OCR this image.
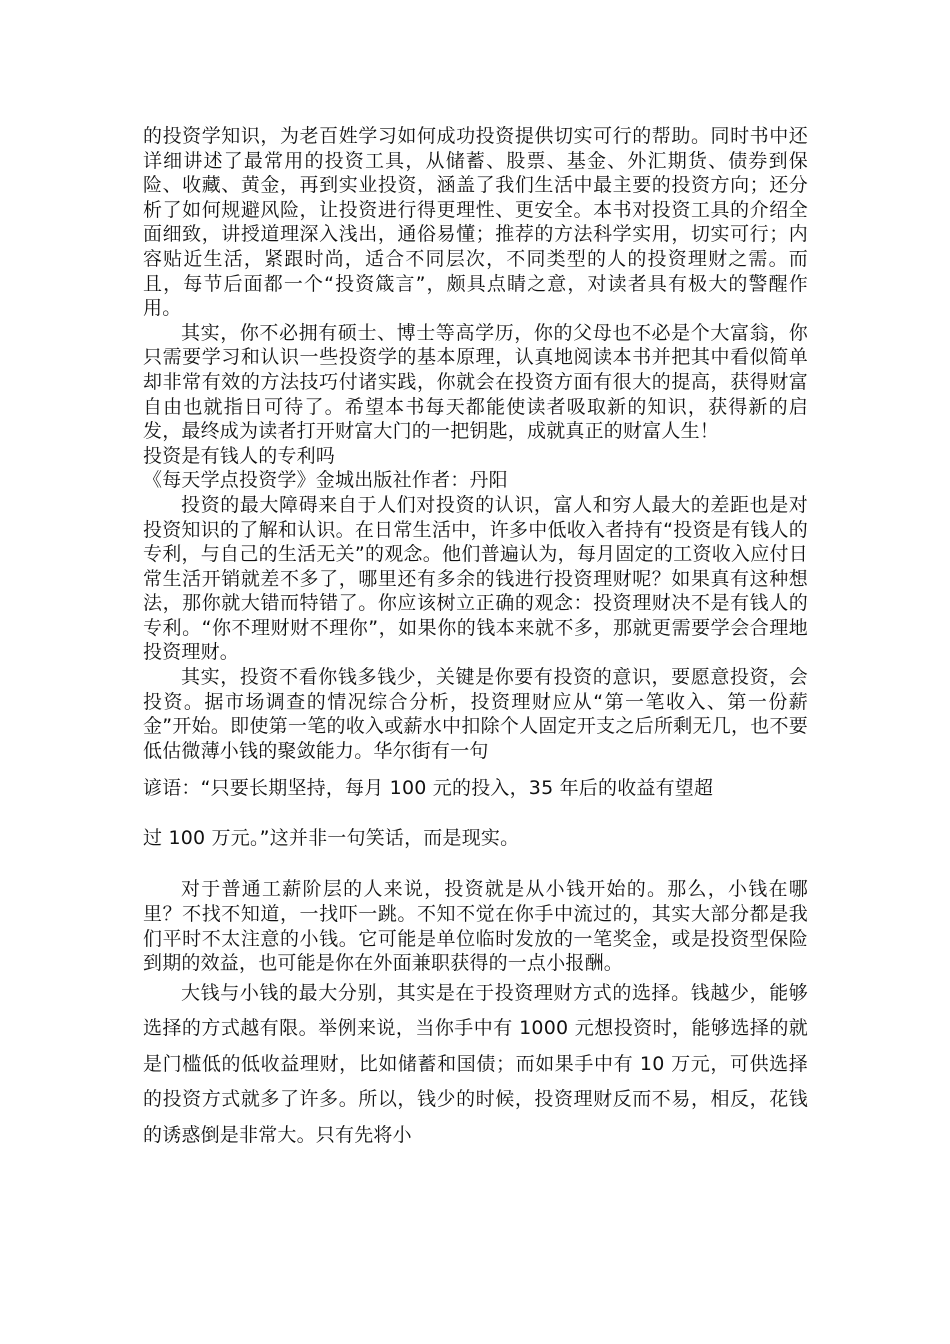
的投资学知识，为老百姓学习如何成功投资提供切实可行的帮助。同时书中还详细讲述了最常用的投资工具，从储蓄、股票、基金、外汇期货、债券到保险、收藏、黄金，再到实业投资，涵盖了我们生活中最主要的投资方向；还分析了如何规避风险，让投资进行得更理性、更安全。本书对投资工具的介绍全面细致，讲授道理深入浅出，通俗易懂；推荐的方法科学实用，切实可行；内容贴近生活，紧跟时尚，适合不同层次，不同类型的人的投资理财之需。而且，每节后面都一个“投资箴言”，颇具点睛之意，对读者具有极大的警醒作用。

其实，你不必拥有硕士、博士等高学历，你的父母也不必是个大富翁，你只需要学习和认识一些投资学的基本原理，认真地阅读本书并把其中看似简单却非常有效的方法技巧付诸实践，你就会在投资方面有很大的提高，获得财富自由也就指日可待了。希望本书每天都能使读者吸取新的知识，获得新的启发，最终成为读者打开财富大门的一把钥匙，成就真正的财富人生！

投资是有钱人的专利吗

《每天学点投资学》金城出版社作者：丹阳

投资的最大障碍来自于人们对投资的认识，富人和穷人最大的差距也是对投资知识的了解和认识。在日常生活中，许多中低收入者持有“投资是有钱人的专利，与自己的生活无关”的观念。他们普遍认为，每月固定的工资收入应付日常生活开销就差不多了，哪里还有多余的钱进行投资理财呢？如果真有这种想法，那你就大错而特错了。你应该树立正确的观念：投资理财决不是有钱人的专利。“你不理财财不理你”，如果你的钱本来就不多，那就更需要学会合理地投资理财。

其实，投资不看你钱多钱少，关键是你要有投资的意识，要愿意投资，会投资。据市场调查的情况综合分析，投资理财应从“第一笔收入、第一份薪金”开始。即使第一笔的收入或薪水中扣除个人固定开支之后所剩无几，也不要低估微薄小钱的聚敛能力。华尔街有一句

谚语：“只要长期坚持，每月 100 元的投入，35 年后的收益有望超

过 100 万元。”这并非一句笑话，而是现实。

对于普通工薪阶层的人来说，投资就是从小钱开始的。那么，小钱在哪里？不找不知道，一找吓一跳。不知不觉在你手中流过的，其实大部分都是我们平时不太注意的小钱。它可能是单位临时发放的一笔奖金，或是投资型保险到期的效益，也可能是你在外面兼职获得的一点小报酬。

大钱与小钱的最大分别，其实是在于投资理财方式的选择。钱越少，能够选择的方式越有限。举例来说，当你手中有 1000 元想投资时，能够选择的就是门槛低的低收益理财，比如储蓄和国债；而如果手中有 10 万元，可供选择的投资方式就多了许多。所以，钱少的时候，投资理财反而不易，相反，花钱的诱惑倒是非常大。只有先将小
